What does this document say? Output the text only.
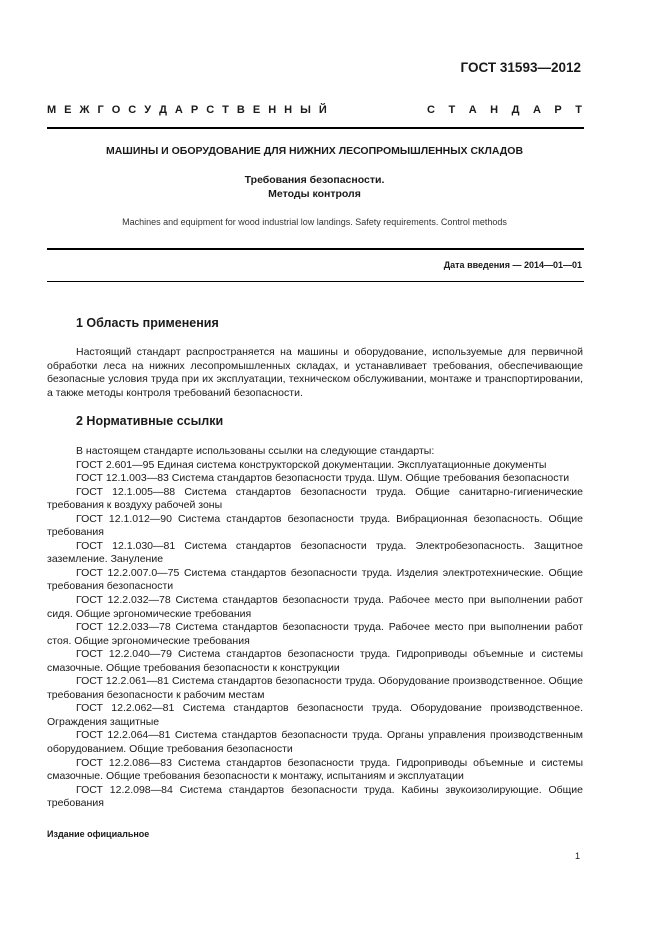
ГОСТ 31593—2012
М Е Ж Г О С У Д А Р С Т В Е Н Н Ы Й	С Т А Н Д А Р Т
МАШИНЫ И ОБОРУДОВАНИЕ ДЛЯ НИЖНИХ ЛЕСОПРОМЫШЛЕННЫХ СКЛАДОВ
Требования безопасности.
Методы контроля
Machines and equipment for wood industrial low landings. Safety requirements. Control methods
Дата введения — 2014—01—01
1 Область применения

Настоящий стандарт распространяется на машины и оборудование, используемые для первичной обработки леса на нижних лесопромышленных складах, и устанавливает требования, обеспечивающие безопасные условия труда при их эксплуатации, техническом обслуживании, монтаже и транспортировании, а также методы контроля требований безопасности.

2 Нормативные ссылки

В настоящем стандарте использованы ссылки на следующие стандарты:

ГОСТ 2.601—95 Единая система конструкторской документации. Эксплуатационные документы

ГОСТ 12.1.003—83 Система стандартов безопасности труда. Шум. Общие требования безопасности

ГОСТ 12.1.005—88 Система стандартов безопасности труда. Общие санитарно-гигиенические требования к воздуху рабочей зоны

ГОСТ 12.1.012—90 Система стандартов безопасности труда. Вибрационная безопасность. Общие требования

ГОСТ 12.1.030—81 Система стандартов безопасности труда. Электробезопасность. Защитное заземление. Зануление

ГОСТ 12.2.007.0—75 Система стандартов безопасности труда. Изделия электротехнические. Общие требования безопасности

ГОСТ 12.2.032—78 Система стандартов безопасности труда. Рабочее место при выполнении работ сидя. Общие эргономические требования

ГОСТ 12.2.033—78 Система стандартов безопасности труда. Рабочее место при выполнении работ стоя. Общие эргономические требования

ГОСТ 12.2.040—79 Система стандартов безопасности труда. Гидроприводы объемные и системы смазочные. Общие требования безопасности к конструкции

ГОСТ 12.2.061—81 Система стандартов безопасности труда. Оборудование производственное. Общие требования безопасности к рабочим местам

ГОСТ 12.2.062—81 Система стандартов безопасности труда. Оборудование производственное. Ограждения защитные

ГОСТ 12.2.064—81 Система стандартов безопасности труда. Органы управления производственным оборудованием. Общие требования безопасности

ГОСТ 12.2.086—83 Система стандартов безопасности труда. Гидроприводы объемные и системы смазочные. Общие требования безопасности к монтажу, испытаниям и эксплуатации

ГОСТ 12.2.098—84 Система стандартов безопасности труда. Кабины звукоизолирующие. Общие требования

Издание официальное
1
